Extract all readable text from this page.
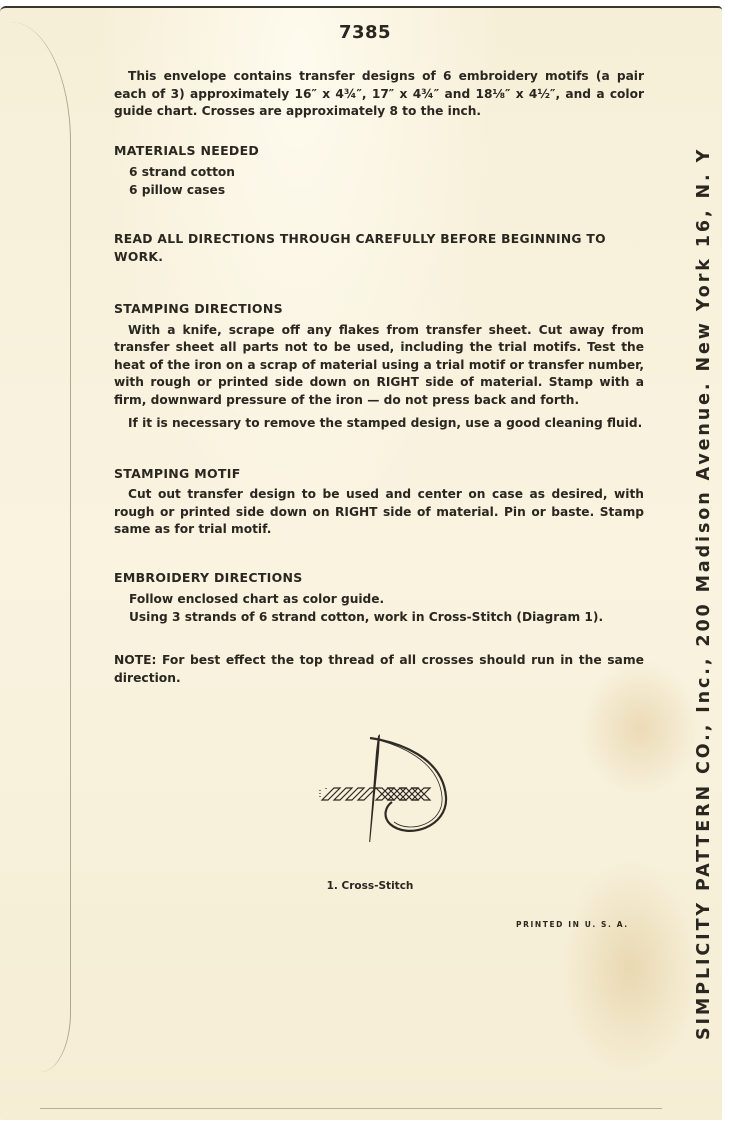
7385

This envelope contains transfer designs of 6 embroidery motifs (a pair each of 3) approximately 16″ x 4¾″, 17″ x 4¾″ and 18⅛″ x 4½″, and a color guide chart. Crosses are approximately 8 to the inch.

MATERIALS NEEDED

6 strand cotton
6 pillow cases

READ ALL DIRECTIONS THROUGH CAREFULLY BEFORE BEGINNING TO WORK.

STAMPING DIRECTIONS

With a knife, scrape off any flakes from transfer sheet. Cut away from transfer sheet all parts not to be used, including the trial motifs. Test the heat of the iron on a scrap of material using a trial motif or transfer number, with rough or printed side down on RIGHT side of material. Stamp with a firm, downward pressure of the iron — do not press back and forth.

If it is necessary to remove the stamped design, use a good cleaning fluid.

STAMPING MOTIF

Cut out transfer design to be used and center on case as desired, with rough or printed side down on RIGHT side of material. Pin or baste. Stamp same as for trial motif.

EMBROIDERY DIRECTIONS

Follow enclosed chart as color guide.
Using 3 strands of 6 strand cotton, work in Cross-Stitch (Diagram 1).

NOTE: For best effect the top thread of all crosses should run in the same direction.

1. Cross-Stitch
PRINTED IN U. S. A.	SIMPLICITY PATTERN CO., Inc., 200 Madison Avenue. New York 16, N. Y
